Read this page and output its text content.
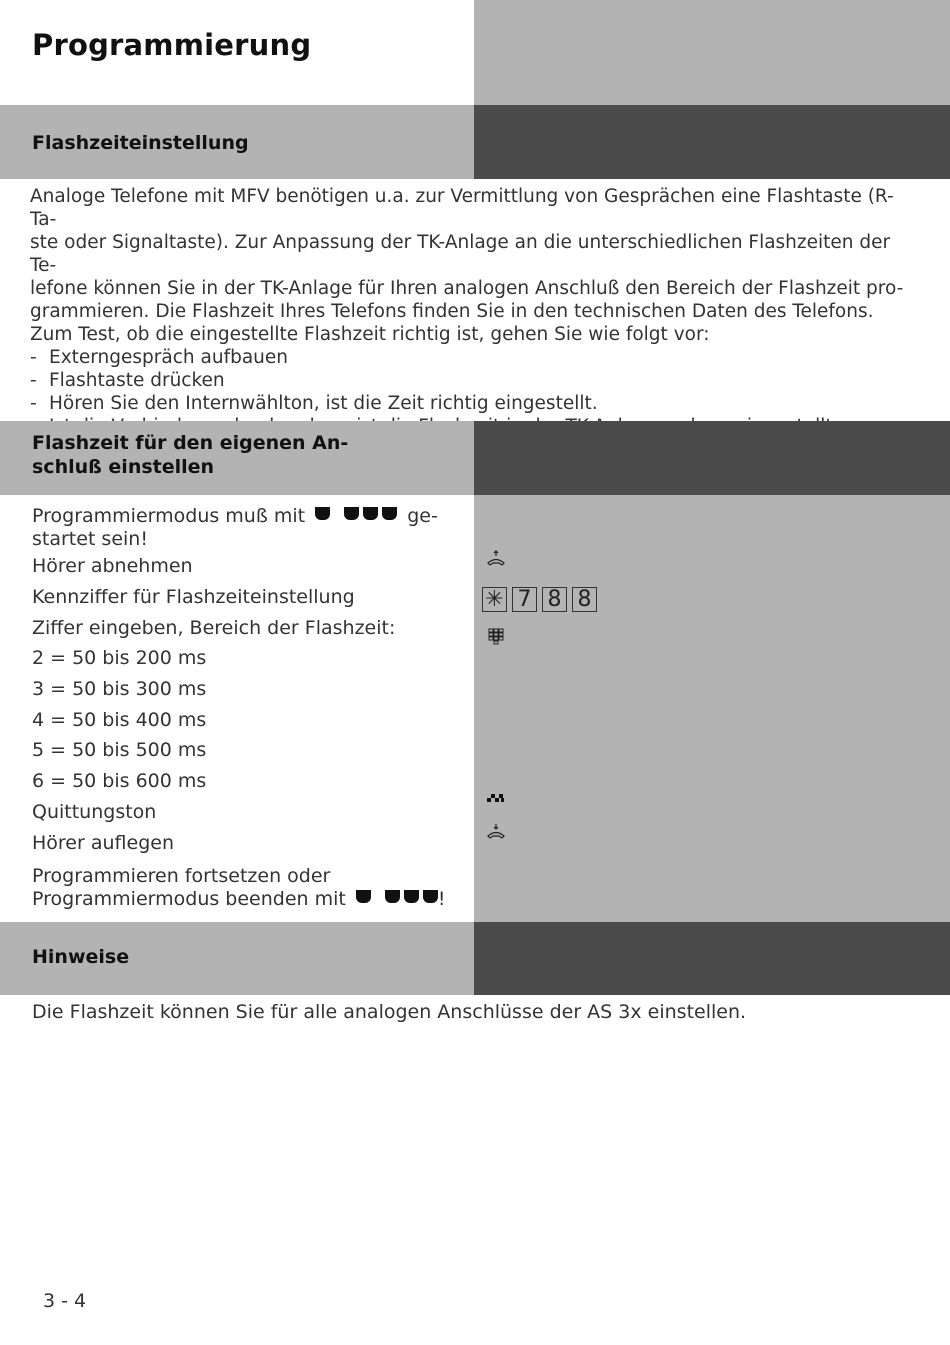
Programmierung
Flashzeiteinstellung

Analoge Telefone mit MFV benötigen u.a. zur Vermittlung von Gesprächen eine Flashtaste (R-Ta-

ste oder Signaltaste). Zur Anpassung der TK-Anlage an die unterschiedlichen Flashzeiten der Te-

lefone können Sie in der TK-Anlage für Ihren analogen Anschluß den Bereich der Flashzeit pro-

grammieren. Die Flashzeit Ihres Telefons finden Sie in den technischen Daten des Telefons.

Zum Test, ob die eingestellte Flashzeit richtig ist, gehen Sie wie folgt vor:

- Externgespräch aufbauen

- Flashtaste drücken

- Hören Sie den Internwählton, ist die Zeit richtig eingestellt.

-

Flashzeit für den eigenen An-
schluß einstellen
Programmiermodus muß mit	ge-
startet sein!
Hörer abnehmen
Kennziffer für Flashzeiteinstellung
Ziffer eingeben, Bereich der Flashzeit:
2 = 50 bis 200 ms
3 = 50 bis 300 ms
4 = 50 bis 400 ms
5 = 50 bis 500 ms
6 = 50 bis 600 ms
Quittungston
Hörer auflegen
Programmieren fortsetzen oder
Programmiermodus beenden mit	!
✳ 7 8 8
Hinweise
Die Flashzeit können Sie für alle analogen Anschlüsse der AS 3x einstellen.
3 - 4
